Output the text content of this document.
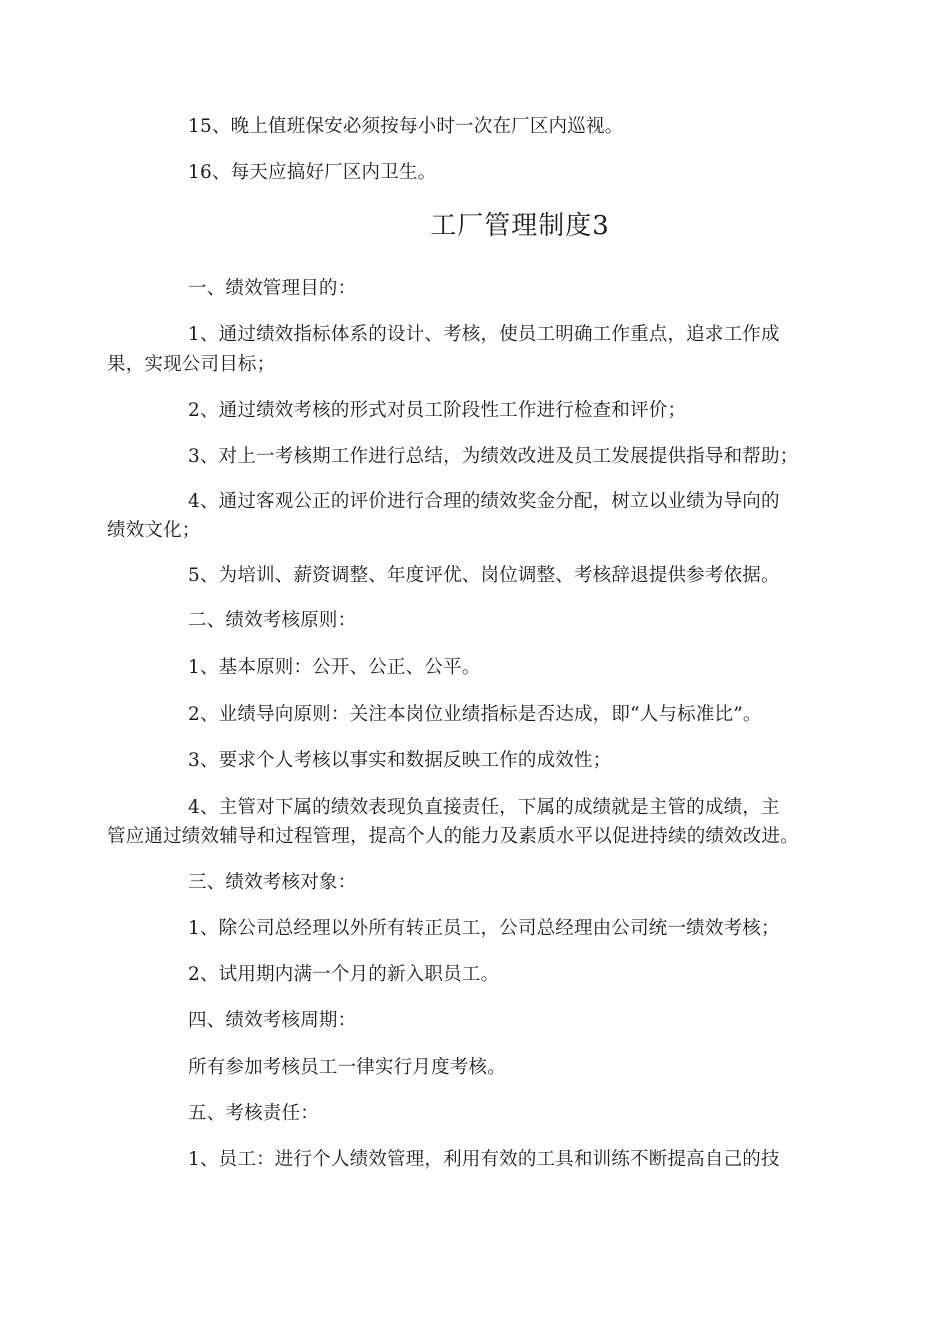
15、晚上值班保安必须按每小时一次在厂区内巡视。
16、每天应搞好厂区内卫生。
工厂管理制度3
一、绩效管理目的：
1、通过绩效指标体系的设计、考核，使员工明确工作重点，追求工作成
果，实现公司目标；
2、通过绩效考核的形式对员工阶段性工作进行检查和评价；
3、对上一考核期工作进行总结，为绩效改进及员工发展提供指导和帮助；
4、通过客观公正的评价进行合理的绩效奖金分配，树立以业绩为导向的
绩效文化；
5、为培训、薪资调整、年度评优、岗位调整、考核辞退提供参考依据。
二、绩效考核原则：
1、基本原则：公开、公正、公平。
2、业绩导向原则：关注本岗位业绩指标是否达成，即“人与标准比”。
3、要求个人考核以事实和数据反映工作的成效性；
4、主管对下属的绩效表现负直接责任，下属的成绩就是主管的成绩，主
管应通过绩效辅导和过程管理，提高个人的能力及素质水平以促进持续的绩效改进。
三、绩效考核对象：
1、除公司总经理以外所有转正员工，公司总经理由公司统一绩效考核；
2、试用期内满一个月的新入职员工。
四、绩效考核周期：
所有参加考核员工一律实行月度考核。
五、考核责任：
1、员工：进行个人绩效管理，利用有效的工具和训练不断提高自己的技
